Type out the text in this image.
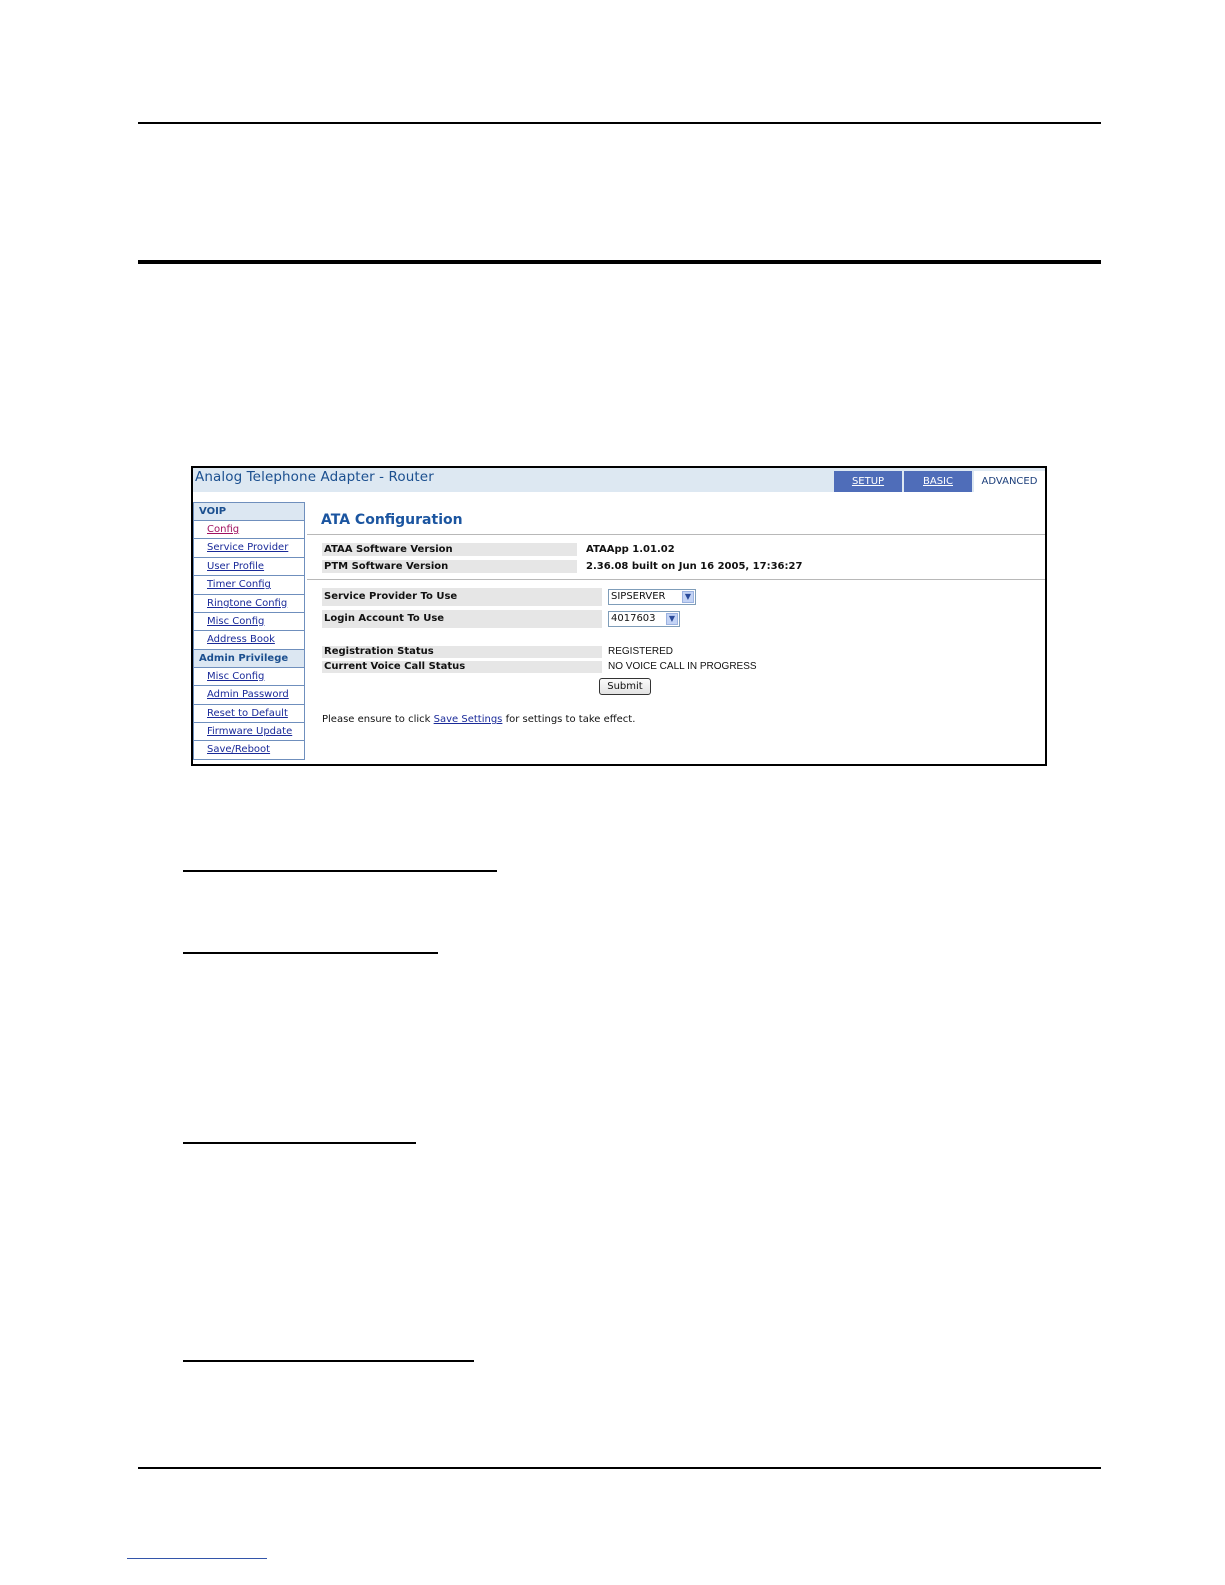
Analog Telephone Adapter - Router	SETUP	BASIC	ADVANCED
VOIP
Config
Service Provider
User Profile
Timer Config
Ringtone Config
Misc Config
Address Book
Admin Privilege
Misc Config
Admin Password
Reset to Default
Firmware Update
Save/Reboot
ATA Configuration
ATAA Software Version	ATAApp 1.01.02
PTM Software Version	2.36.08 built on Jun 16 2005, 17:36:27
Service Provider To Use	SIPSERVER	▼
Login Account To Use	4017603	▼
Registration Status	REGISTERED
Current Voice Call Status	NO VOICE CALL IN PROGRESS
Submit
Please ensure to click Save Settings for settings to take effect.
